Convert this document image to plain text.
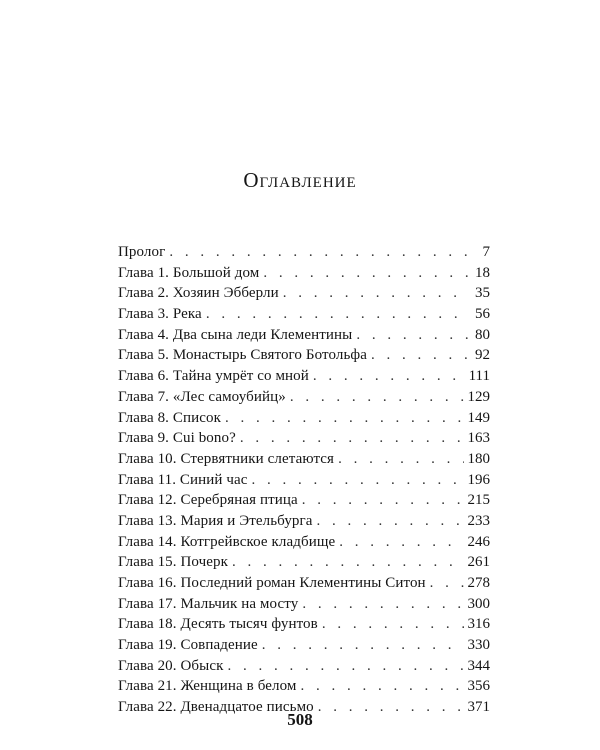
Оглавление
Пролог . . .	7
Глава 1. Большой дом . . .	18
Глава 2. Хозяин Эбберли . . .	35
Глава 3. Река . . .	56
Глава 4. Два сына леди Клементины . . .	80
Глава 5. Монастырь Святого Ботольфа . . .	92
Глава 6. Тайна умрёт со мной . . .	111
Глава 7. «Лес самоубийц» . . .	129
Глава 8. Список . . .	149
Глава 9. Cui bono? . . .	163
Глава 10. Стервятники слетаются . . .	180
Глава 11. Синий час . . .	196
Глава 12. Серебряная птица . . .	215
Глава 13. Мария и Этельбурга . . .	233
Глава 14. Котгрейвское кладбище . . .	246
Глава 15. Почерк . . .	261
Глава 16. Последний роман Клементины Ситон . . .	278
Глава 17. Мальчик на мосту . . .	300
Глава 18. Десять тысяч фунтов . . .	316
Глава 19. Совпадение . . .	330
Глава 20. Обыск . . .	344
Глава 21. Женщина в белом . . .	356
Глава 22. Двенадцатое письмо . . .	371
508
